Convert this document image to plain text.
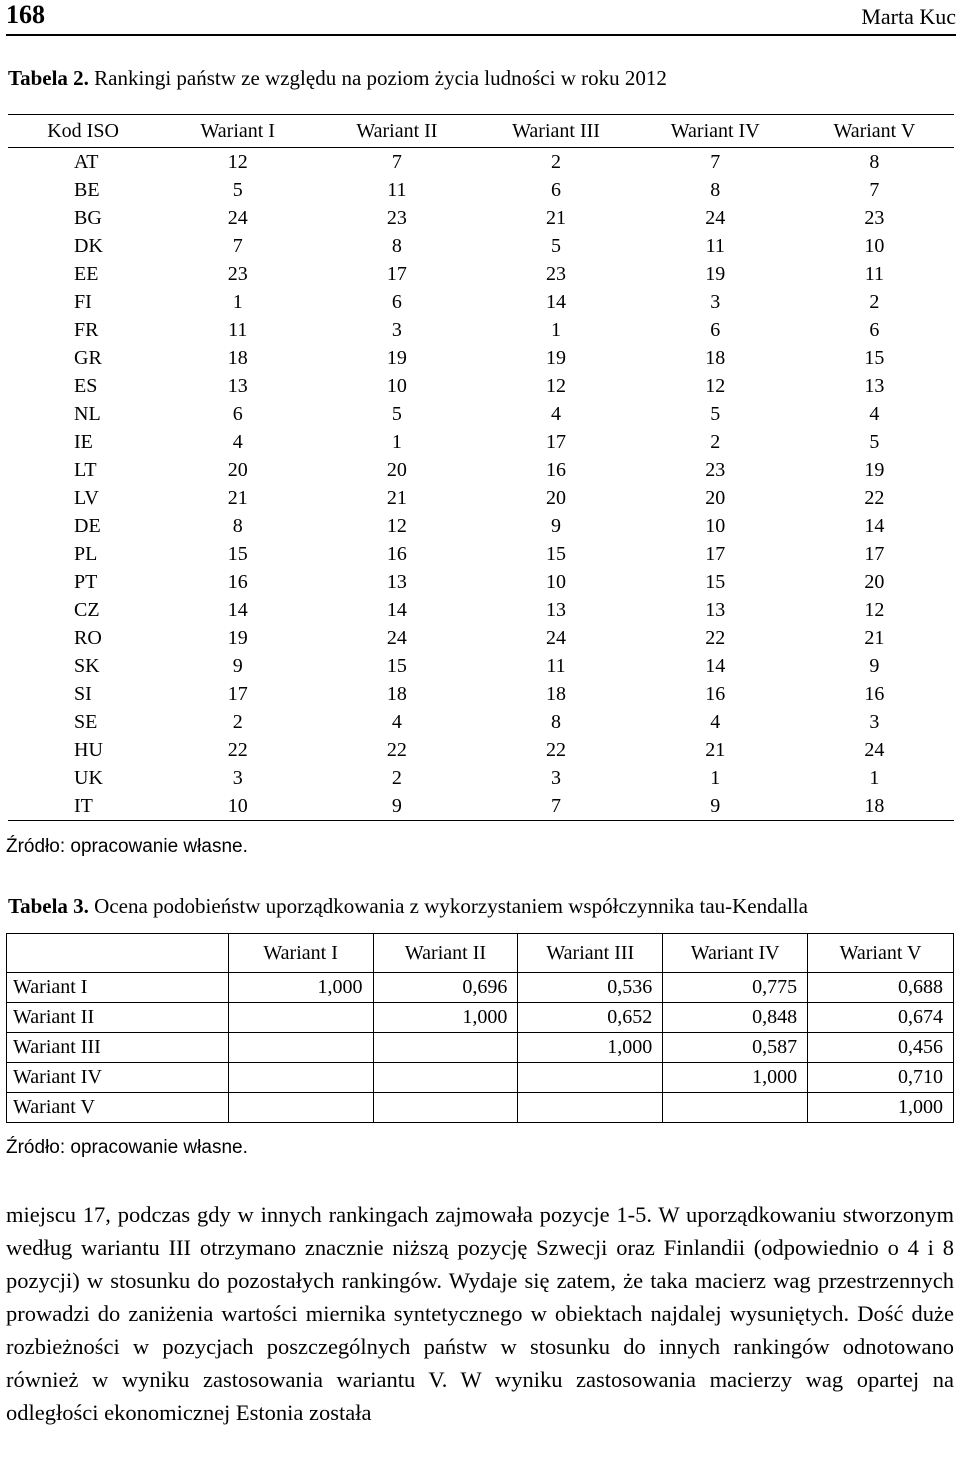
168	Marta Kuc
Tabela 2. Rankingi państw ze względu na poziom życia ludności w roku 2012
Kod ISO	Wariant I	Wariant II	Wariant III	Wariant IV	Wariant V
AT	12	7	2	7	8
BE	5	11	6	8	7
BG	24	23	21	24	23
DK	7	8	5	11	10
EE	23	17	23	19	11
FI	1	6	14	3	2
FR	11	3	1	6	6
GR	18	19	19	18	15
ES	13	10	12	12	13
NL	6	5	4	5	4
IE	4	1	17	2	5
LT	20	20	16	23	19
LV	21	21	20	20	22
DE	8	12	9	10	14
PL	15	16	15	17	17
PT	16	13	10	15	20
CZ	14	14	13	13	12
RO	19	24	24	22	21
SK	9	15	11	14	9
SI	17	18	18	16	16
SE	2	4	8	4	3
HU	22	22	22	21	24
UK	3	2	3	1	1
IT	10	9	7	9	18
Źródło: opracowanie własne.
Tabela 3. Ocena podobieństw uporządkowania z wykorzystaniem współczynnika tau-Kendalla
	Wariant I	Wariant II	Wariant III	Wariant IV	Wariant V
Wariant I	1,000	0,696	0,536	0,775	0,688
Wariant II		1,000	0,652	0,848	0,674
Wariant III			1,000	0,587	0,456
Wariant IV				1,000	0,710
Wariant V					1,000
Źródło: opracowanie własne.

miejscu 17, podczas gdy w innych rankingach zajmowała pozycje 1-5. W uporządkowaniu stworzonym według wariantu III otrzymano znacznie niższą pozycję Szwecji oraz Finlandii (odpowiednio o 4 i 8 pozycji) w stosunku do pozostałych rankingów. Wydaje się zatem, że taka macierz wag przestrzennych prowadzi do zaniżenia wartości miernika syntetycznego w obiektach najdalej wysuniętych. Dość duże rozbieżności w pozycjach poszczególnych państw w stosunku do innych rankingów odnotowano również w wyniku zastosowania wariantu V. W wyniku zastosowania macierzy wag opartej na odległości ekonomicznej Estonia została
